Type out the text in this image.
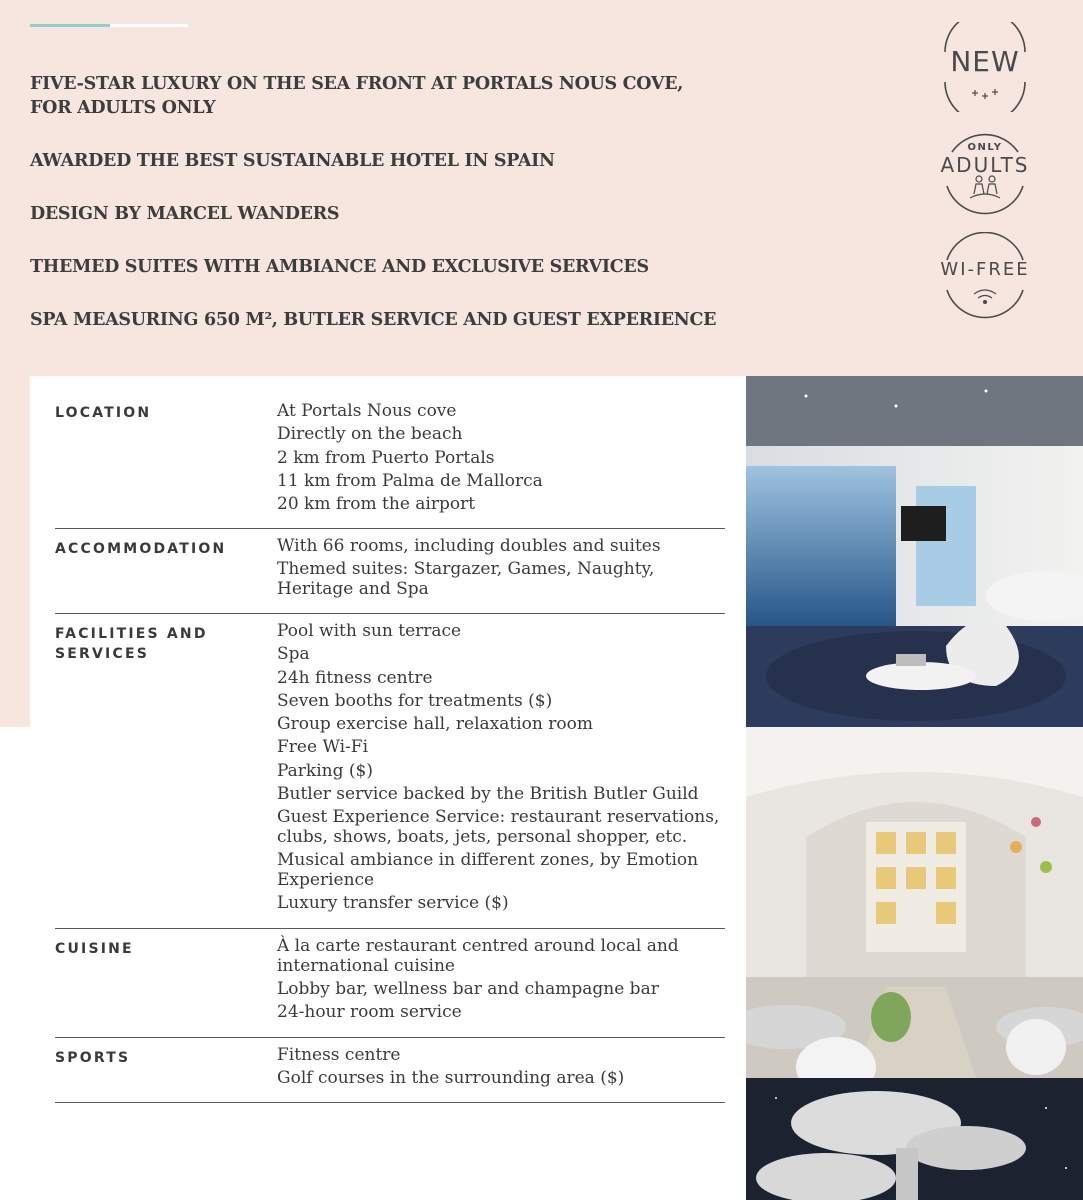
FIVE-STAR LUXURY ON THE SEA FRONT AT PORTALS NOUS COVE, FOR ADULTS ONLY
AWARDED THE BEST SUSTAINABLE HOTEL IN SPAIN
DESIGN BY MARCEL WANDERS
THEMED SUITES WITH AMBIANCE AND EXCLUSIVE SERVICES
SPA MEASURING 650 M², BUTLER SERVICE AND GUEST EXPERIENCE
NEW
ONLY
ADULTS
WI-FREE
LOCATION	At Portals Nous cove
Directly on the beach
2 km from Puerto Portals
11 km from Palma de Mallorca
20 km from the airport
ACCOMMODATION	With 66 rooms, including doubles and suites
Themed suites: Stargazer, Games, Naughty, Heritage and Spa
FACILITIES AND SERVICES
Pool with sun terrace
Spa
24h fitness centre
Seven booths for treatments ($)
Group exercise hall, relaxation room
Free Wi-Fi
Parking ($)
Butler service backed by the British Butler Guild
Guest Experience Service: restaurant reservations, clubs, shows, boats, jets, personal shopper, etc.
Musical ambiance in different zones, by Emotion Experience
Luxury transfer service ($)
CUISINE	À la carte restaurant centred around local and international cuisine
Lobby bar, wellness bar and champagne bar
24-hour room service
SPORTS	Fitness centre
Golf courses in the surrounding area ($)
